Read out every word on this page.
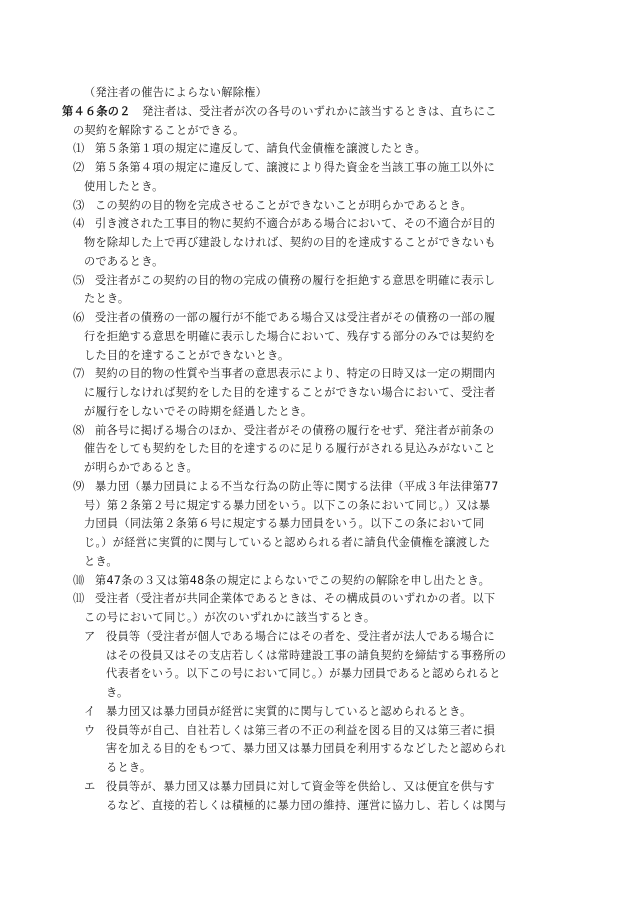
（発注者の催告によらない解除権）
第４６条の２　発注者は、受注者が次の各号のいずれかに該当するときは、直ちにこ
の契約を解除することができる。
⑴ 第５条第１項の規定に違反して、請負代金債権を譲渡したとき。
⑵ 第５条第４項の規定に違反して、譲渡により得た資金を当該工事の施工以外に
使用したとき。
⑶ この契約の目的物を完成させることができないことが明らかであるとき。
⑷ 引き渡された工事目的物に契約不適合がある場合において、その不適合が目的
物を除却した上で再び建設しなければ、契約の目的を達成することができないも
のであるとき。
⑸ 受注者がこの契約の目的物の完成の債務の履行を拒絶する意思を明確に表示し
たとき。
⑹ 受注者の債務の一部の履行が不能である場合又は受注者がその債務の一部の履
行を拒絶する意思を明確に表示した場合において、残存する部分のみでは契約を
した目的を達することができないとき。
⑺ 契約の目的物の性質や当事者の意思表示により、特定の日時又は一定の期間内
に履行しなければ契約をした目的を達することができない場合において、受注者
が履行をしないでその時期を経過したとき。
⑻ 前各号に掲げる場合のほか、受注者がその債務の履行をせず、発注者が前条の
催告をしても契約をした目的を達するのに足りる履行がされる見込みがないこと
が明らかであるとき。
⑼ 暴力団（暴力団員による不当な行為の防止等に関する法律（平成３年法律第77
号）第２条第２号に規定する暴力団をいう。以下この条において同じ。）又は暴
力団員（同法第２条第６号に規定する暴力団員をいう。以下この条において同
じ。）が経営に実質的に関与していると認められる者に請負代金債権を譲渡した
とき。
⑽ 第47条の３又は第48条の規定によらないでこの契約の解除を申し出たとき。
⑾ 受注者（受注者が共同企業体であるときは、その構成員のいずれかの者。以下
この号において同じ。）が次のいずれかに該当するとき。
ア 役員等（受注者が個人である場合にはその者を、受注者が法人である場合に
はその役員又はその支店若しくは常時建設工事の請負契約を締結する事務所の
代表者をいう。以下この号において同じ。）が暴力団員であると認められると
き。
イ 暴力団又は暴力団員が経営に実質的に関与していると認められるとき。
ウ 役員等が自己、自社若しくは第三者の不正の利益を図る目的又は第三者に損
害を加える目的をもつて、暴力団又は暴力団員を利用するなどしたと認められ
るとき。
エ 役員等が、暴力団又は暴力団員に対して資金等を供給し、又は便宜を供与す
るなど、直接的若しくは積極的に暴力団の維持、運営に協力し、若しくは関与
